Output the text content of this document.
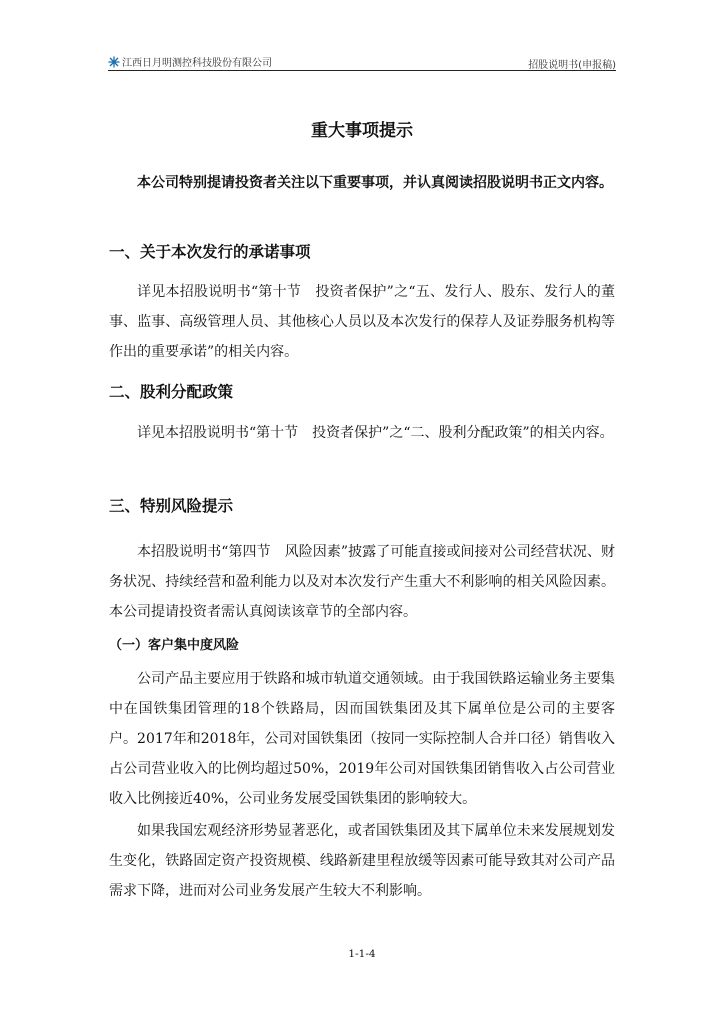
江西日月明测控科技股份有限公司	招股说明书(申报稿)
重大事项提示
本公司特别提请投资者关注以下重要事项，并认真阅读招股说明书正文内容。
一、关于本次发行的承诺事项
详见本招股说明书“第十节　投资者保护”之“五、发行人、股东、发行人的董事、监事、高级管理人员、其他核心人员以及本次发行的保荐人及证券服务机构等作出的重要承诺”的相关内容。
二、股利分配政策
详见本招股说明书“第十节　投资者保护”之“二、股利分配政策”的相关内容。
三、特别风险提示
本招股说明书“第四节　风险因素”披露了可能直接或间接对公司经营状况、财务状况、持续经营和盈利能力以及对本次发行产生重大不利影响的相关风险因素。本公司提请投资者需认真阅读该章节的全部内容。
（一）客户集中度风险
公司产品主要应用于铁路和城市轨道交通领域。由于我国铁路运输业务主要集中在国铁集团管理的18个铁路局，因而国铁集团及其下属单位是公司的主要客户。2017年和2018年，公司对国铁集团（按同一实际控制人合并口径）销售收入占公司营业收入的比例均超过50%，2019年公司对国铁集团销售收入占公司营业收入比例接近40%，公司业务发展受国铁集团的影响较大。
如果我国宏观经济形势显著恶化，或者国铁集团及其下属单位未来发展规划发生变化，铁路固定资产投资规模、线路新建里程放缓等因素可能导致其对公司产品需求下降，进而对公司业务发展产生较大不利影响。
1-1-4
